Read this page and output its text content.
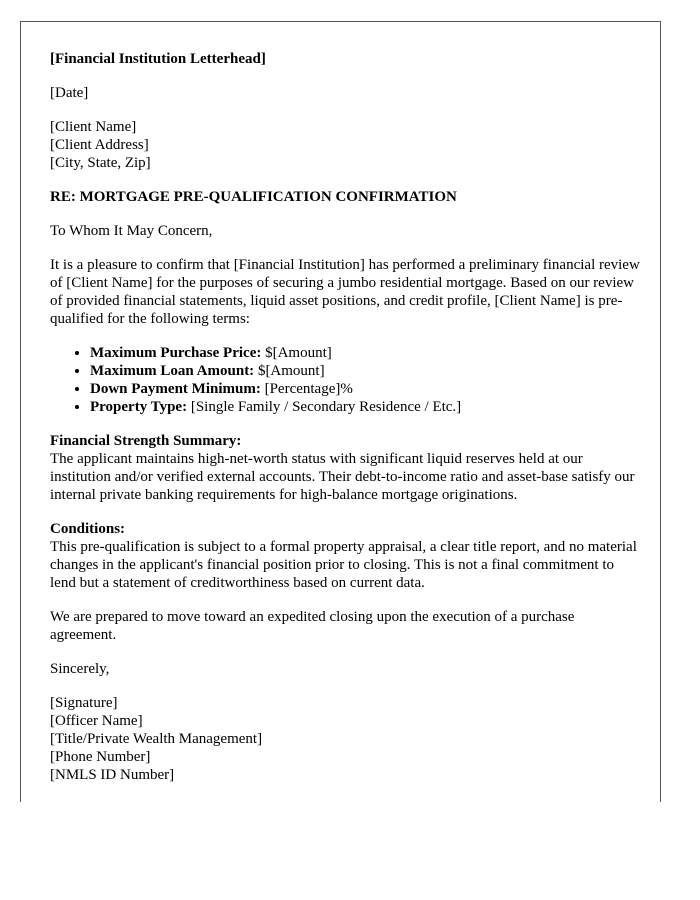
[Financial Institution Letterhead]

[Date]

[Client Name]
[Client Address]
[City, State, Zip]

RE: MORTGAGE PRE-QUALIFICATION CONFIRMATION

To Whom It May Concern,

It is a pleasure to confirm that [Financial Institution] has performed a preliminary financial review of [Client Name] for the purposes of securing a jumbo residential mortgage. Based on our review of provided financial statements, liquid asset positions, and credit profile, [Client Name] is pre-qualified for the following terms:

• Maximum Purchase Price: $[Amount]
• Maximum Loan Amount: $[Amount]
• Down Payment Minimum: [Percentage]%
• Property Type: [Single Family / Secondary Residence / Etc.]

Financial Strength Summary:
The applicant maintains high-net-worth status with significant liquid reserves held at our institution and/or verified external accounts. Their debt-to-income ratio and asset-base satisfy our internal private banking requirements for high-balance mortgage originations.

Conditions:
This pre-qualification is subject to a formal property appraisal, a clear title report, and no material changes in the applicant's financial position prior to closing. This is not a final commitment to lend but a statement of creditworthiness based on current data.

We are prepared to move toward an expedited closing upon the execution of a purchase agreement.

Sincerely,

[Signature]
[Officer Name]
[Title/Private Wealth Management]
[Phone Number]
[NMLS ID Number]
